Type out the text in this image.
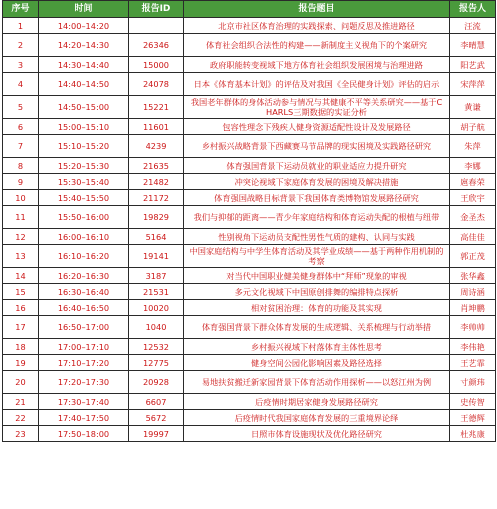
序号	时间	报告ID	报告题目	报告人
1	14:00–14:20		北京市社区体育治理的实践探索、问题反思及推进路径	汪流
2	14:20–14:30	26346	体育社会组织合法性的构建——新制度主义视角下的个案研究	李晴慧
3	14:30–14:40	15000	政府职能转变视域下地方体育社会组织发展困境与治理进路	阳艺武
4	14:40–14:50	24078	日本《体育基本计划》的评估及对我国《全民健身计划》评估的启示	宋萍萍
5	14:50–15:00	15221	我国老年群体的身体活动参与情况与其健康不平等关系研究——基于CHARLS三期数据的实证分析	黄谦
6	15:00–15:10	11601	包容性理念下残疾人健身资源适配性设计及发展路径	胡子航
7	15:10–15:20	4239	乡村振兴战略背景下西藏赛马节品牌的现实困境及实践路径研究	朱萍
8	15:20–15:30	21635	体育强国背景下运动员就业的职业适应力提升研究	李娜
9	15:30–15:40	21482	冲突论视域下家庭体育发展的困境及解决措施	扈春荣
10	15:40–15:50	21172	体育强国战略目标背景下我国体育类博物馆发展路径研究	王欣宇
11	15:50–16:00	19829	我们与抑郁的距离——青少年家庭结构和体育运动失配的根植与纽带	金圣杰
12	16:00–16:10	5164	性别视角下运动员支配性男性气质的建构、认同与实践	高佳佳
13	16:10–16:20	19141	中国家庭结构与中学生体育活动及其学业成绩——基于两种作用机制的考察	郭正茂
14	16:20–16:30	3187	对当代中国职业健美健身群体中“拜师”现象的审视	张华鑫
15	16:30–16:40	21531	多元文化视域下中国原创排舞的编排特点探析	周诗涵
16	16:40–16:50	10020	相对贫困治理：体育的功能及其实现	肖坤鹏
17	16:50–17:00	1040	体育强国背景下群众体育发展的生成逻辑、关系梳理与行动举措	李帅帅
18	17:00–17:10	12532	乡村振兴视域下村落体育主体性思考	李伟艳
19	17:10–17:20	12775	健身空间公园化影响因素及路径选择	王艺霏
20	17:20–17:30	20928	易地扶贫搬迁新家园背景下体育活动作用探析——以怒江州为例	寸颜玮
21	17:30–17:40	6607	后疫情时期居家健身发展路径研究	史传智
22	17:40–17:50	5672	后疫情时代我国家庭体育发展的三重境界论绎	王德辉
23	17:50–18:00	19997	日照市体育设施现状及优化路径研究	杜兆康
